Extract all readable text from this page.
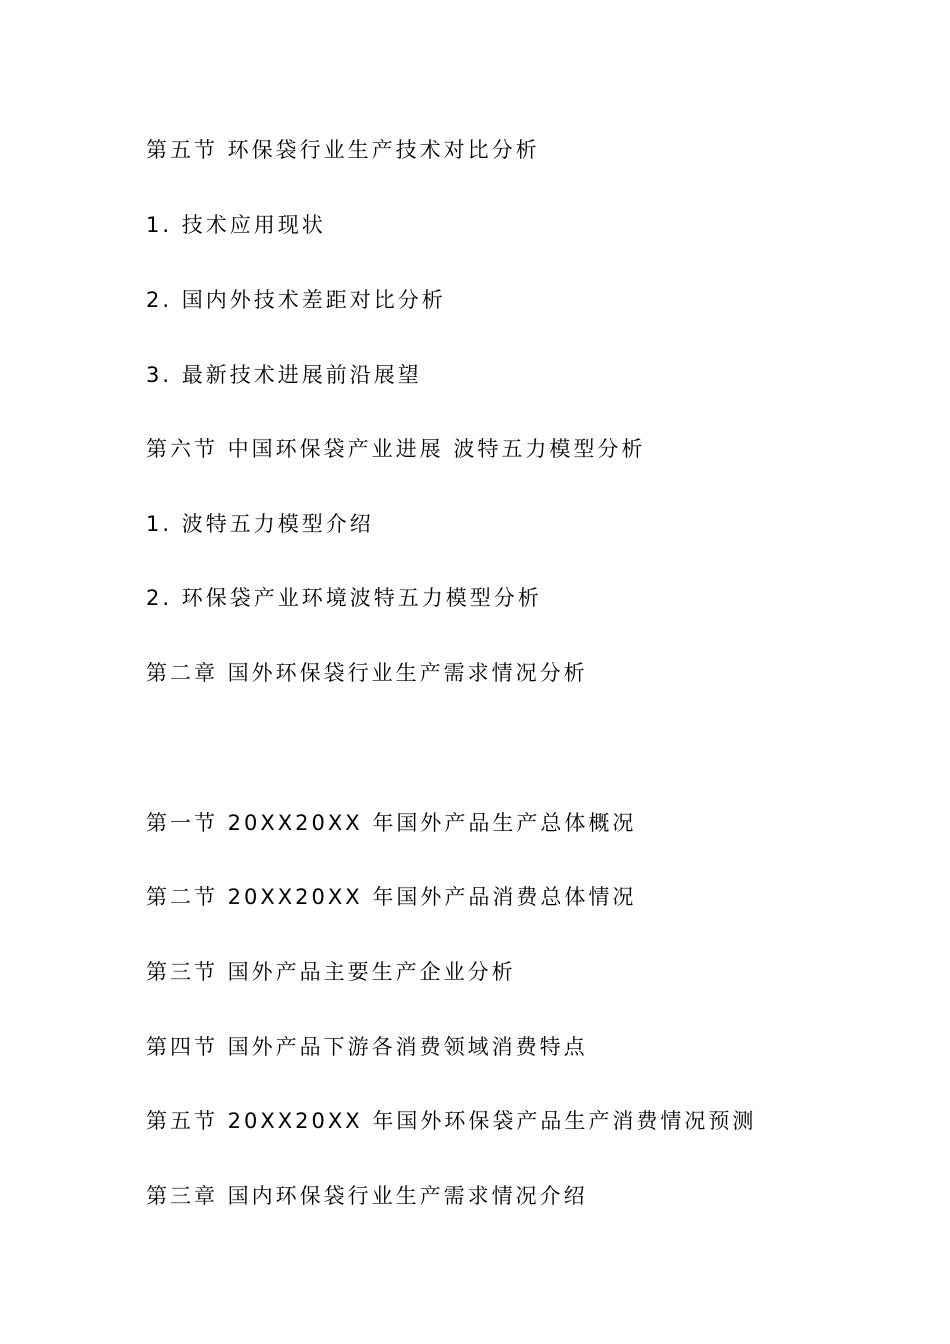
第五节 环保袋行业生产技术对比分析
1. 技术应用现状
2. 国内外技术差距对比分析
3. 最新技术进展前沿展望
第六节 中国环保袋产业进展 波特五力模型分析
1. 波特五力模型介绍
2. 环保袋产业环境波特五力模型分析
第二章 国外环保袋行业生产需求情况分析
第一节 20XX20XX 年国外产品生产总体概况
第二节 20XX20XX 年国外产品消费总体情况
第三节 国外产品主要生产企业分析
第四节 国外产品下游各消费领域消费特点
第五节 20XX20XX 年国外环保袋产品生产消费情况预测
第三章 国内环保袋行业生产需求情况介绍
